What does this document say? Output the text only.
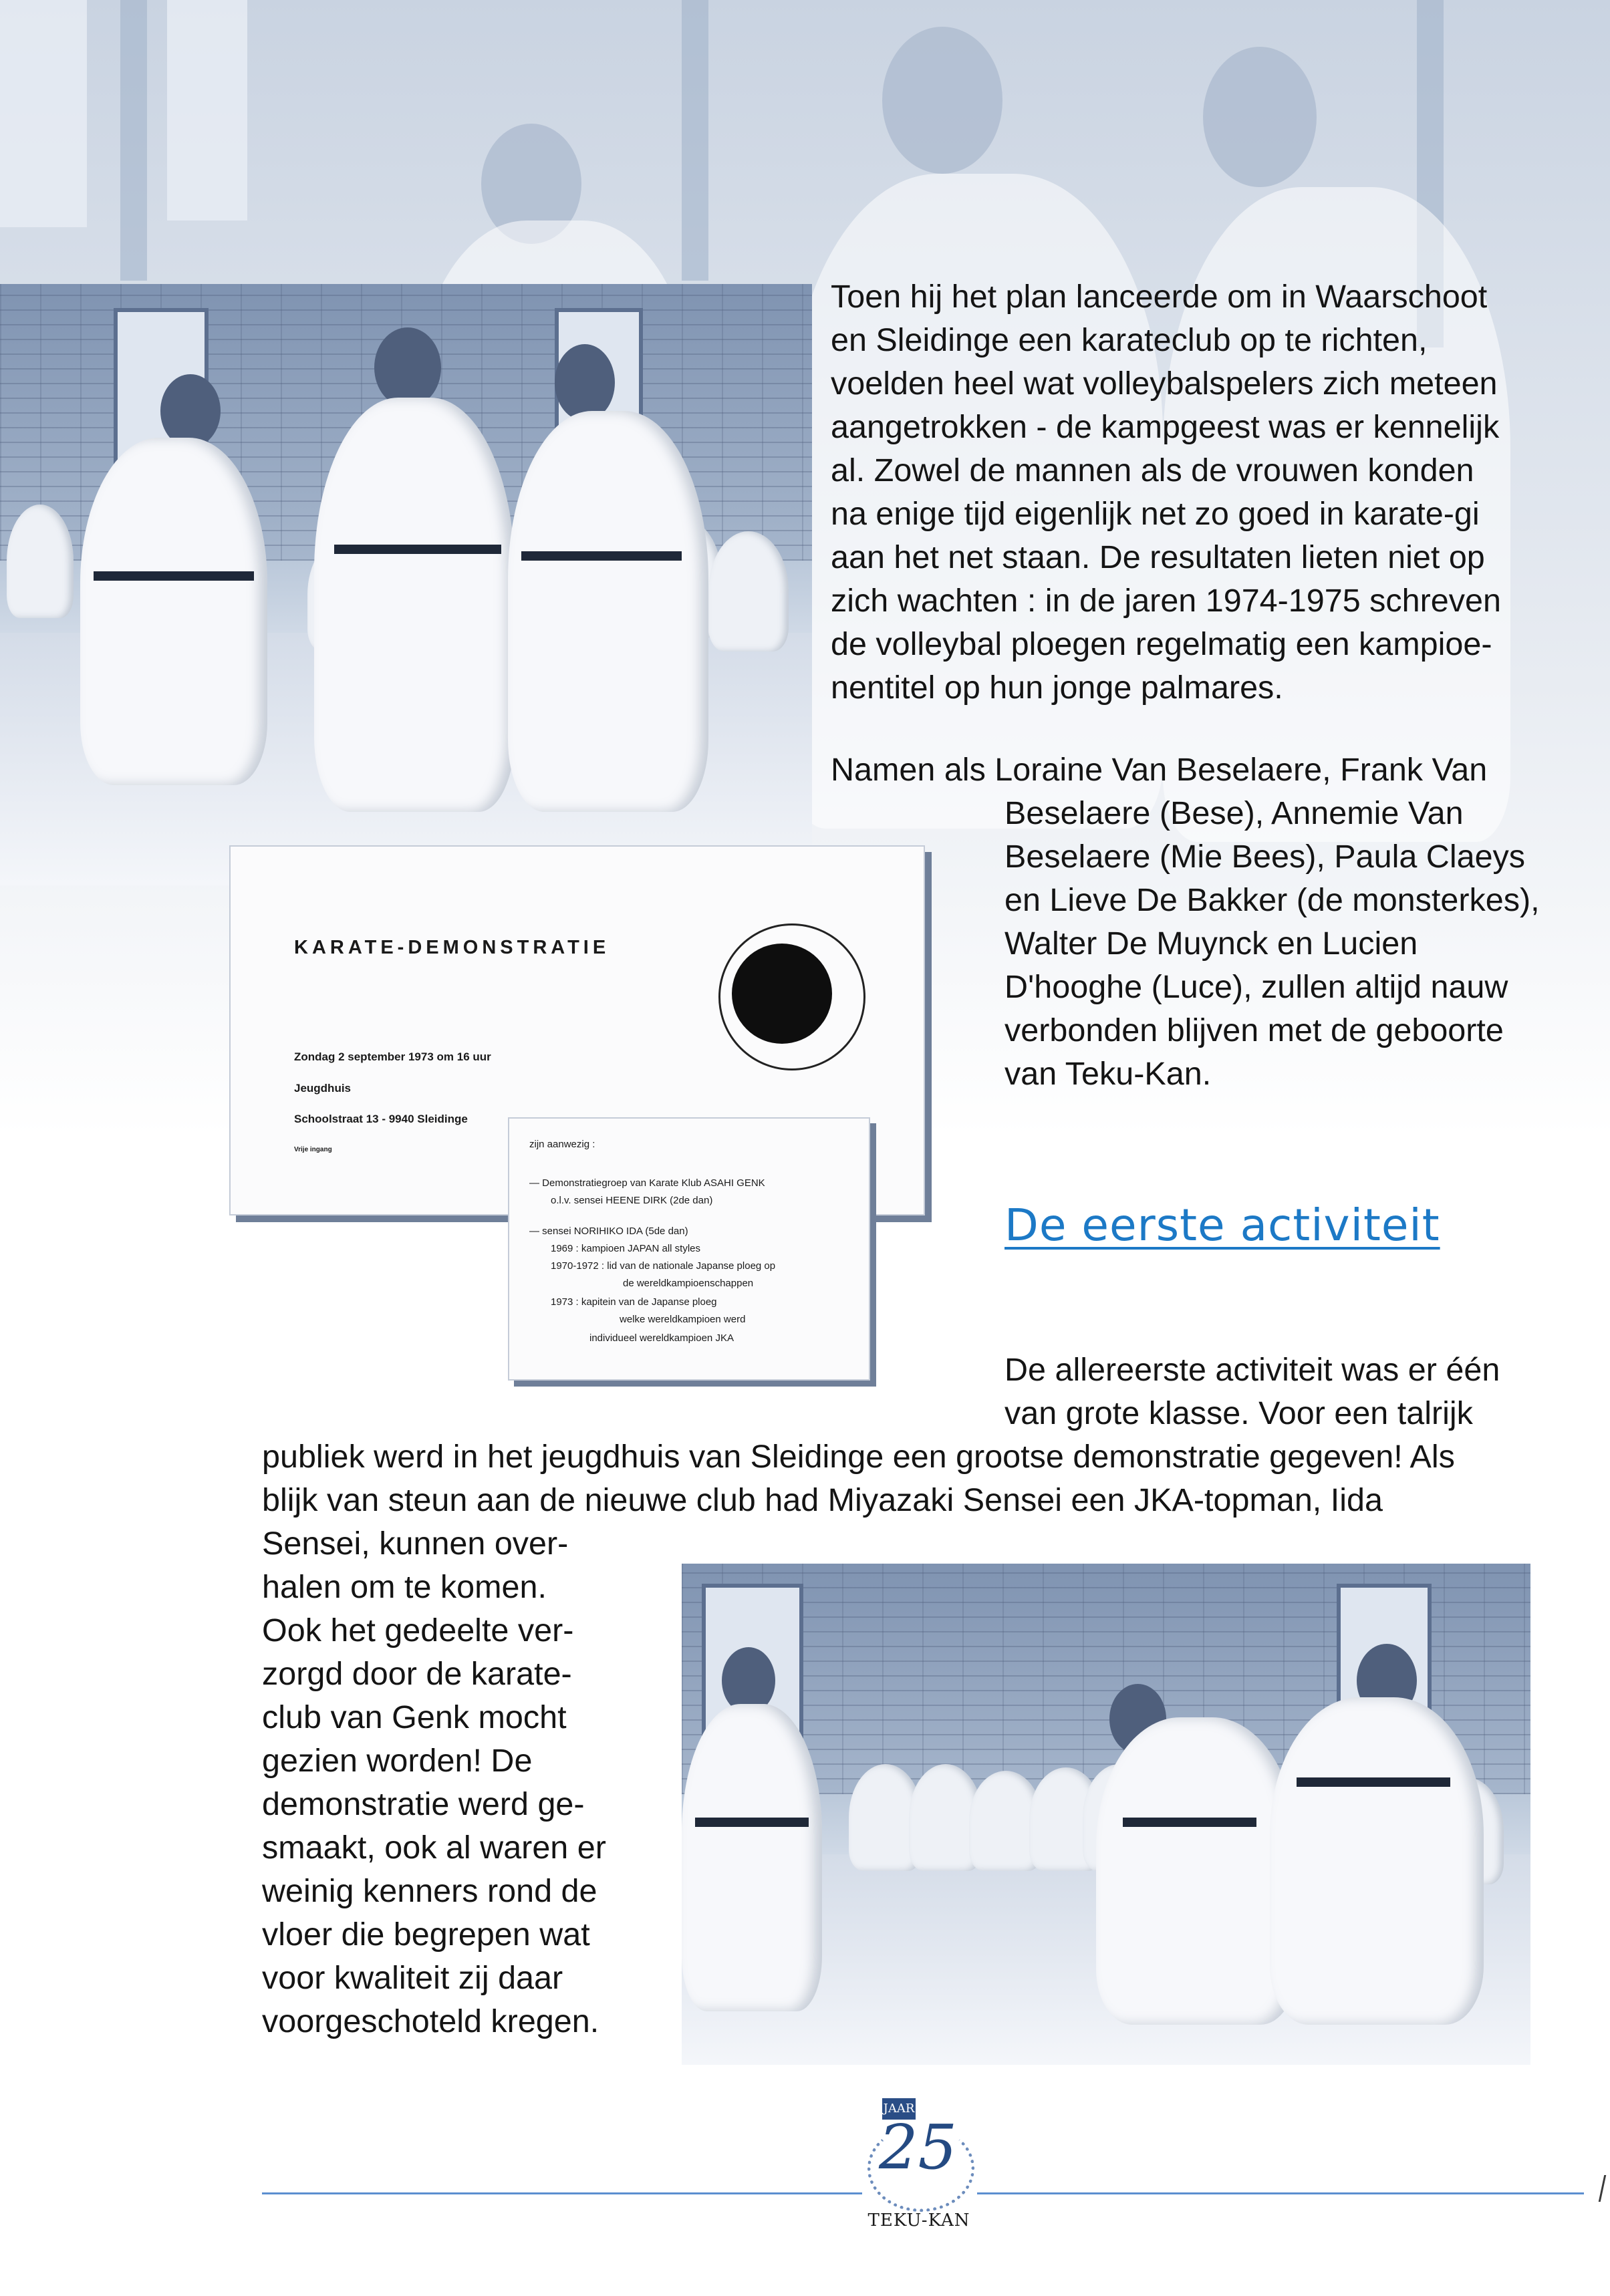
Toen hij het plan lanceerde om in Waarschoot

en Sleidinge een karateclub op te richten,

voelden heel wat volleybalspelers zich meteen

aangetrokken - de kampgeest was er kennelijk

al. Zowel de mannen als de vrouwen konden

na enige tijd eigenlijk net zo goed in karate-gi

aan het net staan. De resultaten lieten niet op

zich wachten : in de jaren 1974-1975 schreven

de volleybal ploegen regelmatig een kampioe-

nentitel op hun jonge palmares.

Namen als Loraine Van Beselaere, Frank Van

Beselaere (Bese), Annemie Van

Beselaere (Mie Bees), Paula Claeys

en Lieve De Bakker (de monsterkes),

Walter De Muynck en Lucien

D'hooghe (Luce), zullen altijd nauw

verbonden blijven met de geboorte

van Teku-Kan.

KARATE-DEMONSTRATIE
Zondag 2 september 1973 om 16 uur
Jeugdhuis
Schoolstraat 13 - 9940 Sleidinge
Vrije ingang	zijn aanwezig :
— Demonstratiegroep van Karate Klub ASAHI GENK
o.l.v. sensei HEENE DIRK (2de dan)
— sensei NORIHIKO IDA (5de dan)
1969 : kampioen JAPAN all styles
1970-1972 : lid van de nationale Japanse ploeg op
de wereldkampioenschappen
1973 : kapitein van de Japanse ploeg
welke wereldkampioen werd
individueel wereldkampioen JKA
De eerste activiteit

De allereerste activiteit was er één

van grote klasse. Voor een talrijk

publiek werd in het jeugdhuis van Sleidinge een grootse demonstratie gegeven! Als

blijk van steun aan de nieuwe club had Miyazaki Sensei een JKA-topman, Iida

Sensei, kunnen over-

halen om te komen.

Ook het gedeelte ver-

zorgd door de karate-

club van Genk mocht

gezien worden! De

demonstratie werd ge-

smaakt, ook al waren er

weinig kenners rond de

vloer die begrepen wat

voor kwaliteit zij daar

voorgeschoteld kregen.

JAAR
25
TEKU-KAN
